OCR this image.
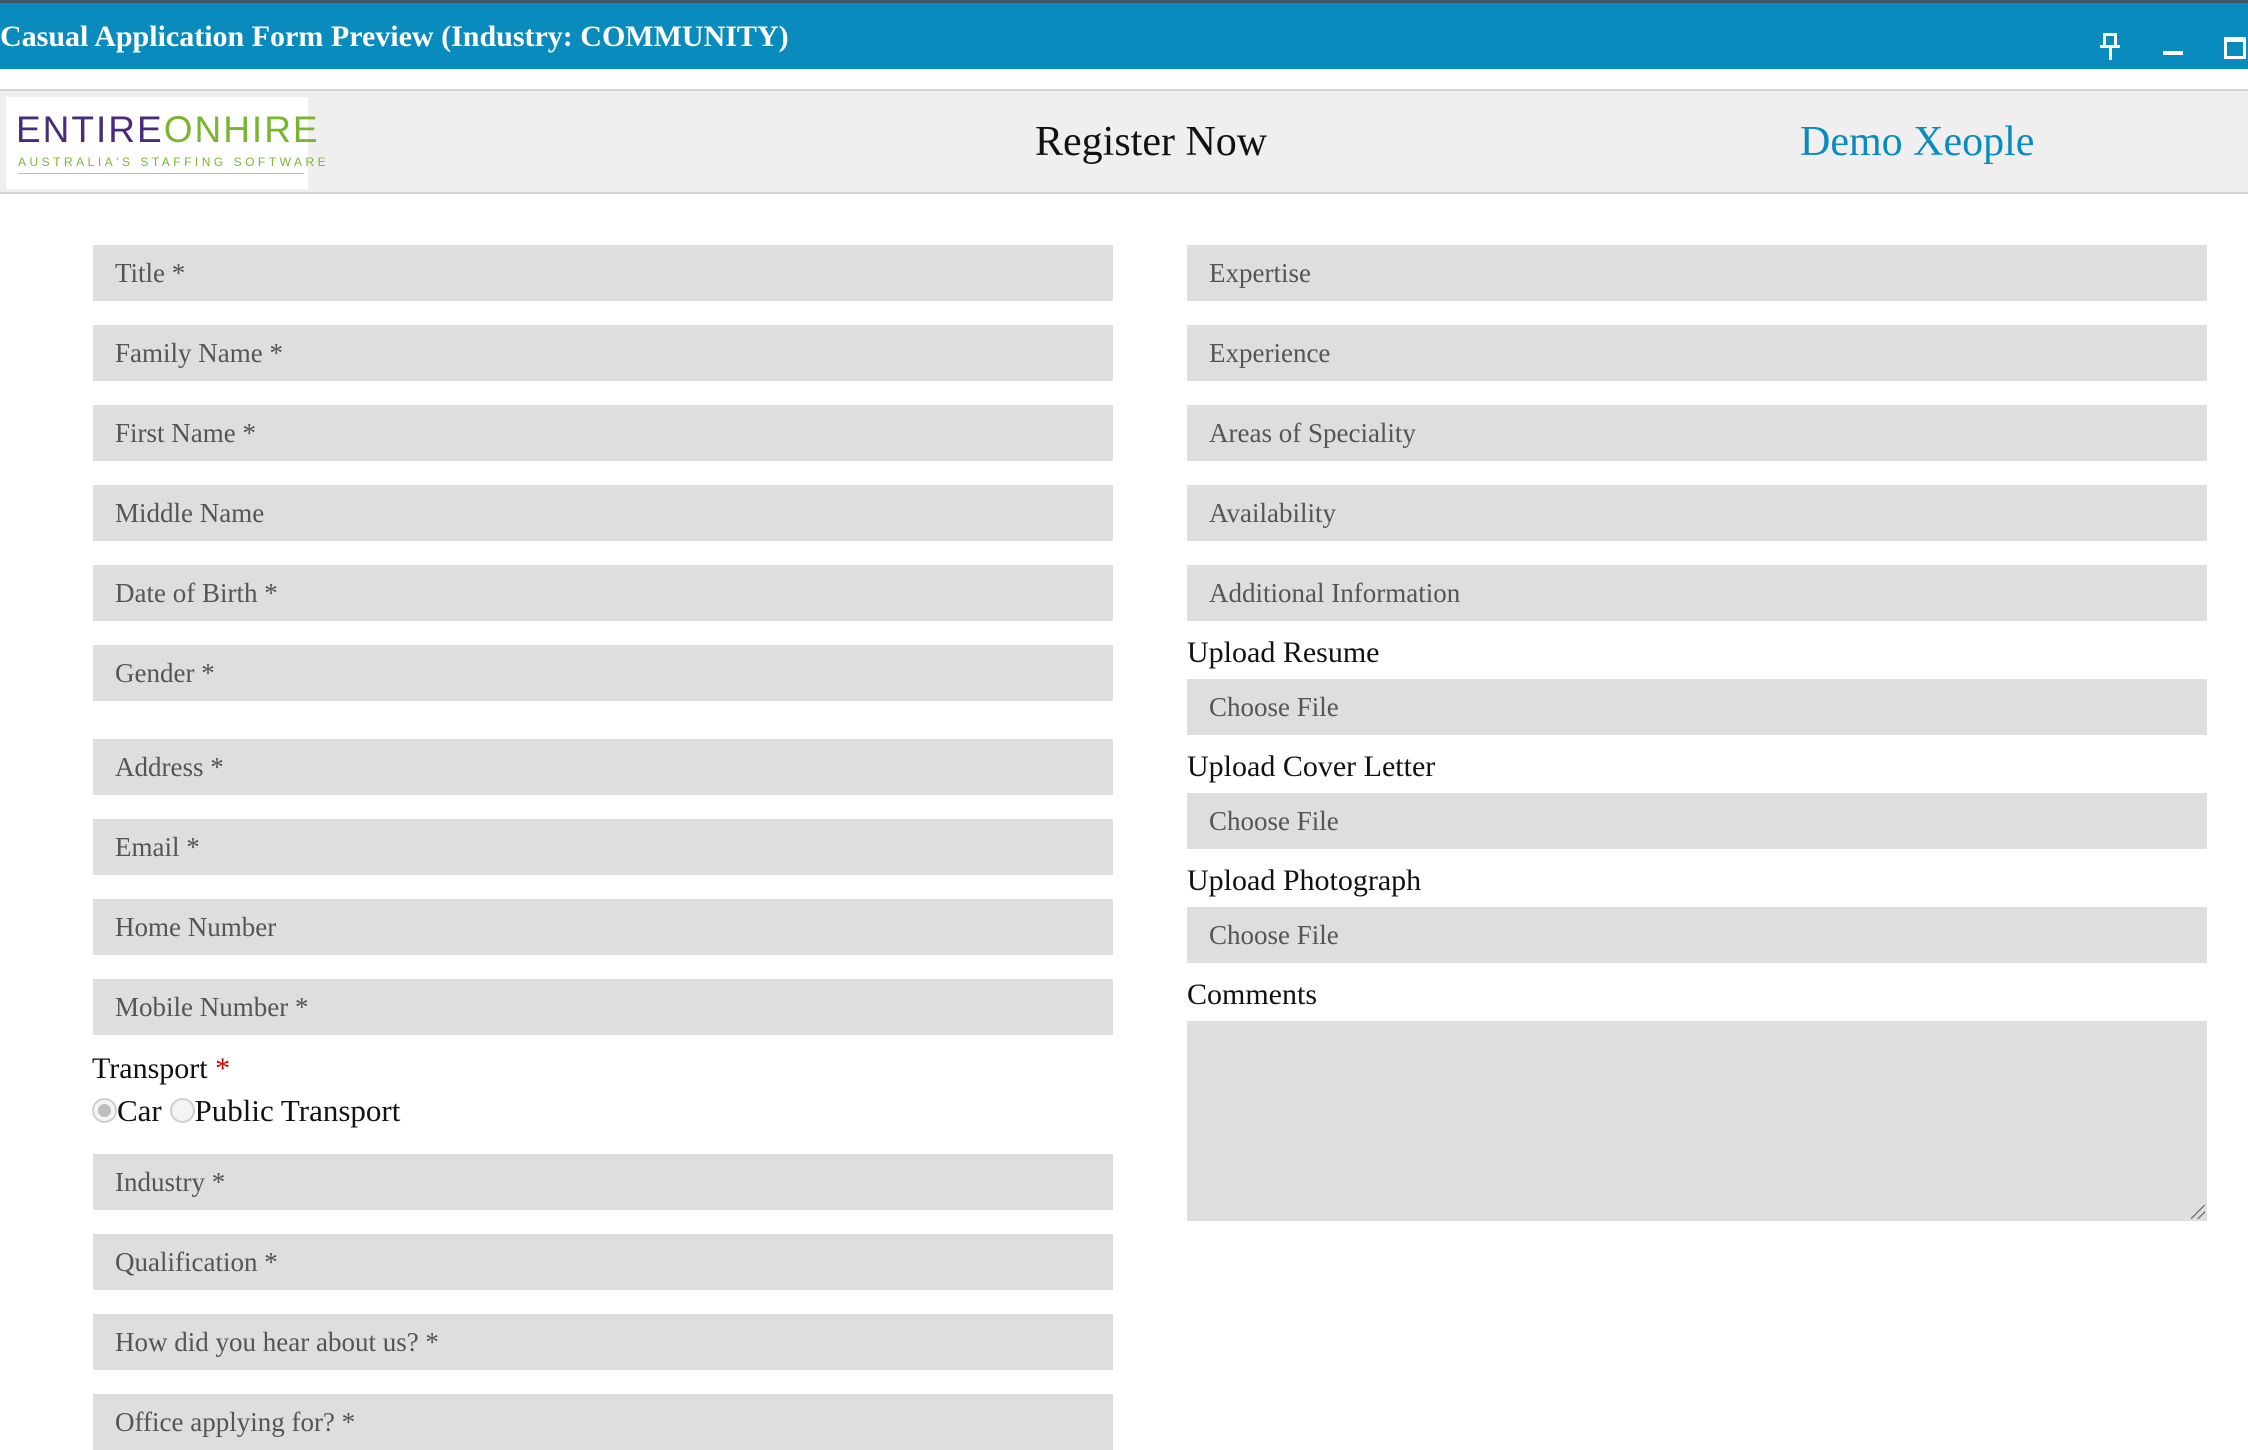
Casual Application Form Preview (Industry: COMMUNITY)
ENTIREONHIRE
AUSTRALIA'S STAFFING SOFTWARE	Register Now	Demo Xeople
Title *
Family Name *
First Name *
Middle Name
Date of Birth *
Gender *
Address *
Email *
Home Number
Mobile Number *
Transport *
Car Public Transport
Industry *
Qualification *
How did you hear about us? *
Office applying for? *
Expertise
Experience
Areas of Speciality
Availability
Additional Information
Upload Resume
Choose File
Upload Cover Letter
Choose File
Upload Photograph
Choose File
Comments
